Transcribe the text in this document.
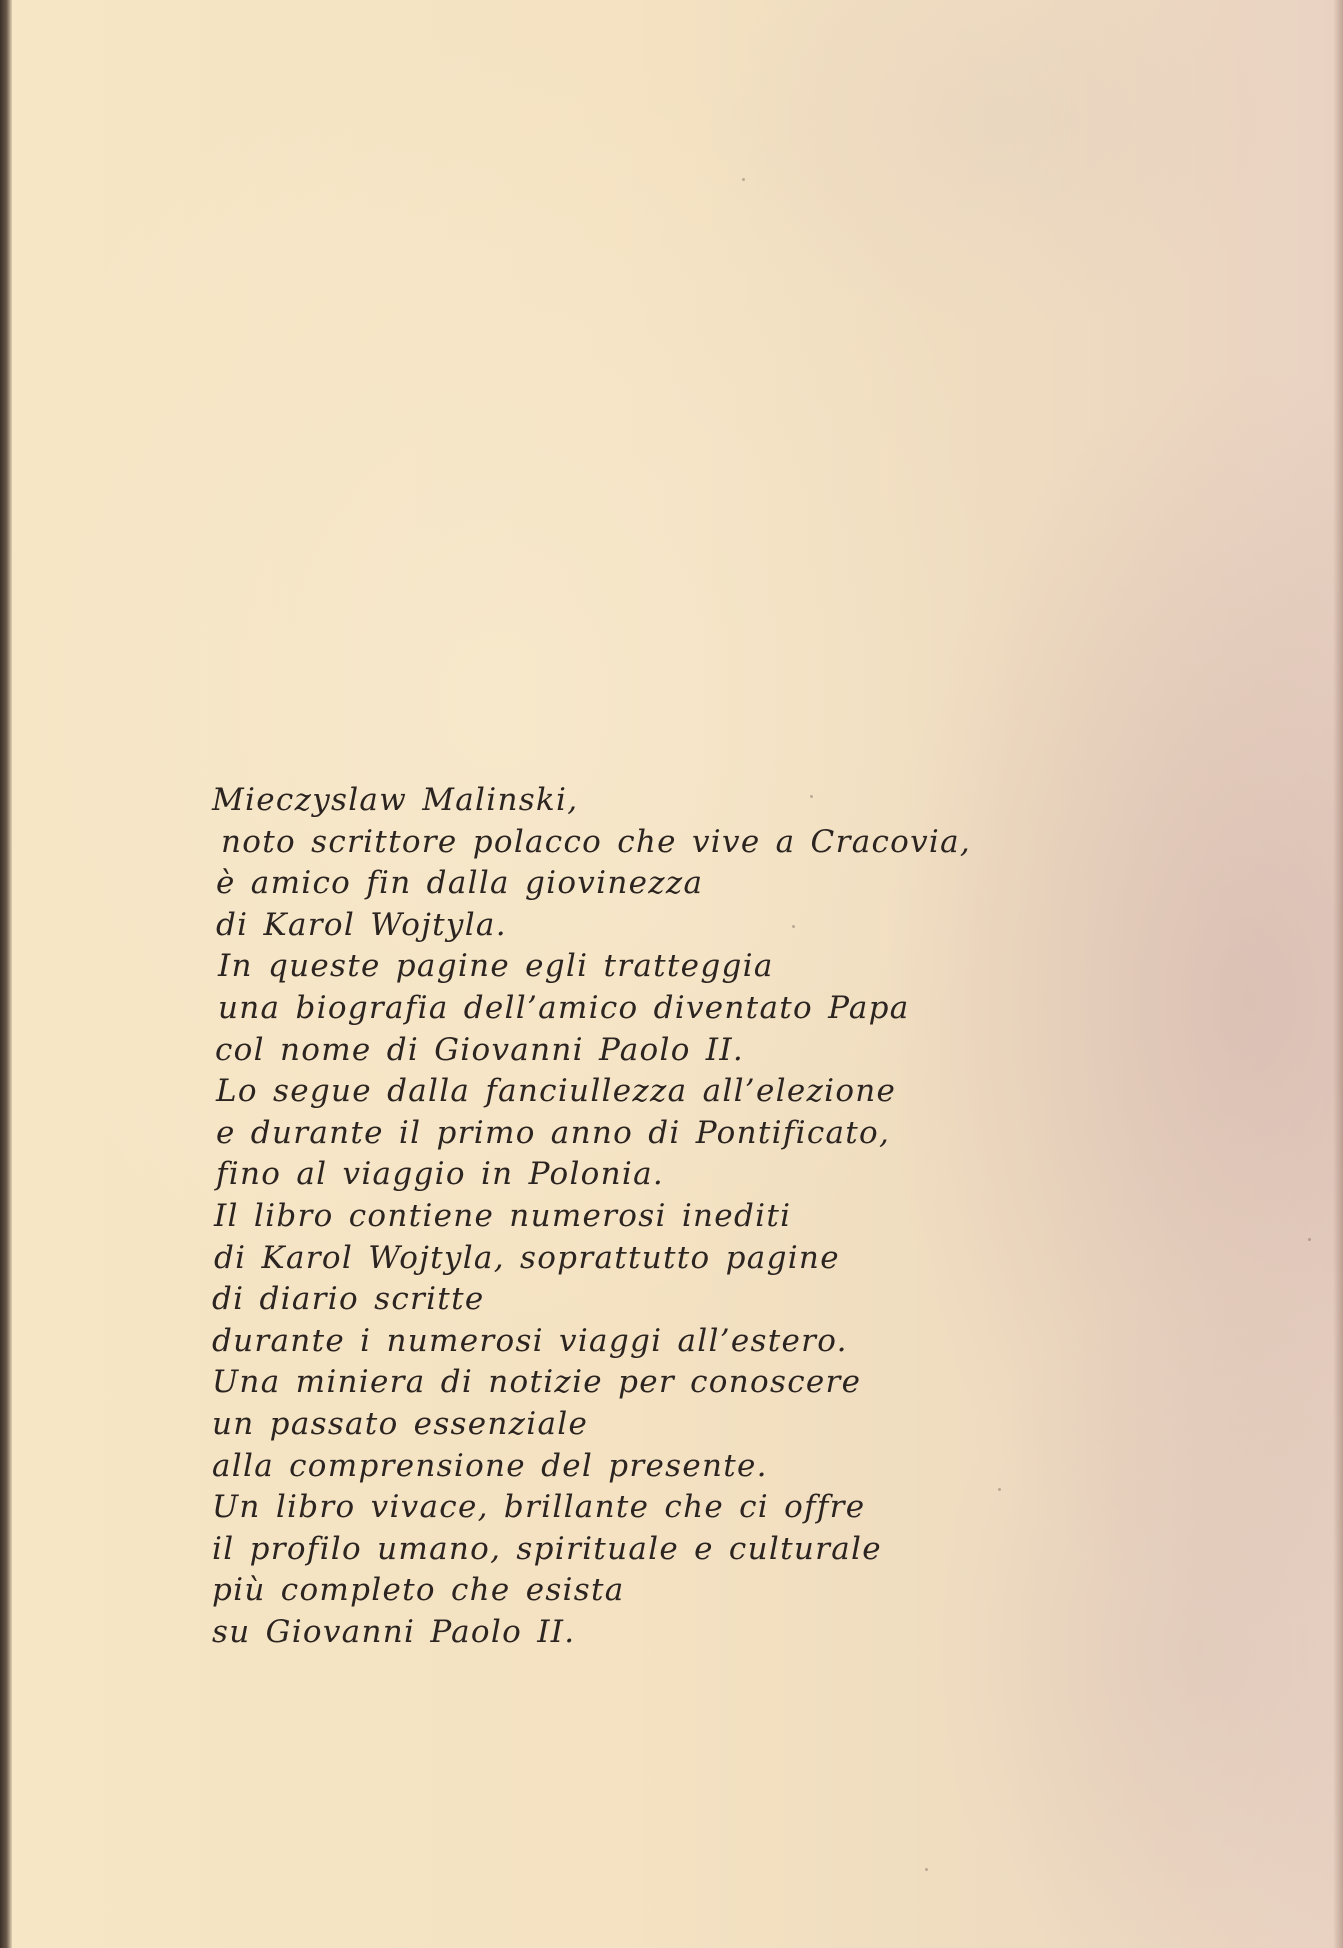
Mieczyslaw Malinski,
noto scrittore polacco che vive a Cracovia,
è amico fin dalla giovinezza
di Karol Wojtyla.
In queste pagine egli tratteggia
una biografia dell’amico diventato Papa
col nome di Giovanni Paolo II.
Lo segue dalla fanciullezza all’elezione
e durante il primo anno di Pontificato,
fino al viaggio in Polonia.
Il libro contiene numerosi inediti
di Karol Wojtyla, soprattutto pagine
di diario scritte
durante i numerosi viaggi all’estero.
Una miniera di notizie per conoscere
un passato essenziale
alla comprensione del presente.
Un libro vivace, brillante che ci offre
il profilo umano, spirituale e culturale
più completo che esista
su Giovanni Paolo II.
